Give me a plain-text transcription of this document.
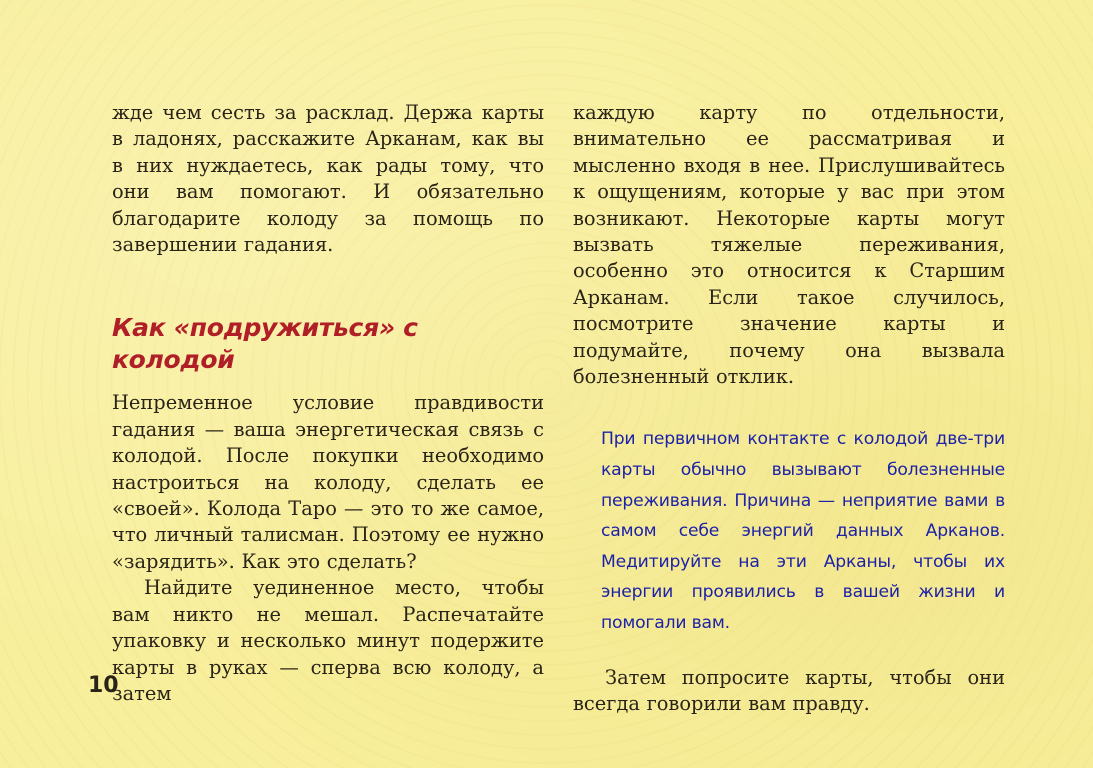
жде чем сесть за расклад. Держа карты в ладонях, расскажите Арканам, как вы в них нуждаетесь, как рады тому, что они вам помогают. И обязательно благодарите колоду за помощь по завершении гадания.

Как «подружиться» с колодой

Непременное условие правдивости гадания — ваша энергетическая связь с колодой. После покупки необходимо настроиться на колоду, сделать ее «своей». Колода Таро — это то же самое, что личный талисман. Поэтому ее нужно «зарядить». Как это сделать?

Найдите уединенное место, чтобы вам никто не мешал. Распечатайте упаковку и несколько минут подержите карты в руках — сперва всю колоду, а затем

каждую карту по отдельности, внимательно ее рассматривая и мысленно входя в нее. Прислушивайтесь к ощущениям, которые у вас при этом возникают. Некоторые карты могут вызвать тяжелые переживания, особенно это относится к Старшим Арканам. Если такое случилось, посмотрите значение карты и подумайте, почему она вызвала болезненный отклик.

При первичном контакте с колодой двe-три карты обычно вызывают болезненные переживания. Причина — неприятие вами в самом себе энергий данных Арканов. Медитируйте на эти Арканы, чтобы их энергии проявились в вашей жизни и помогали вам.

Затем попросите карты, чтобы они всегда говорили вам правду.

10
